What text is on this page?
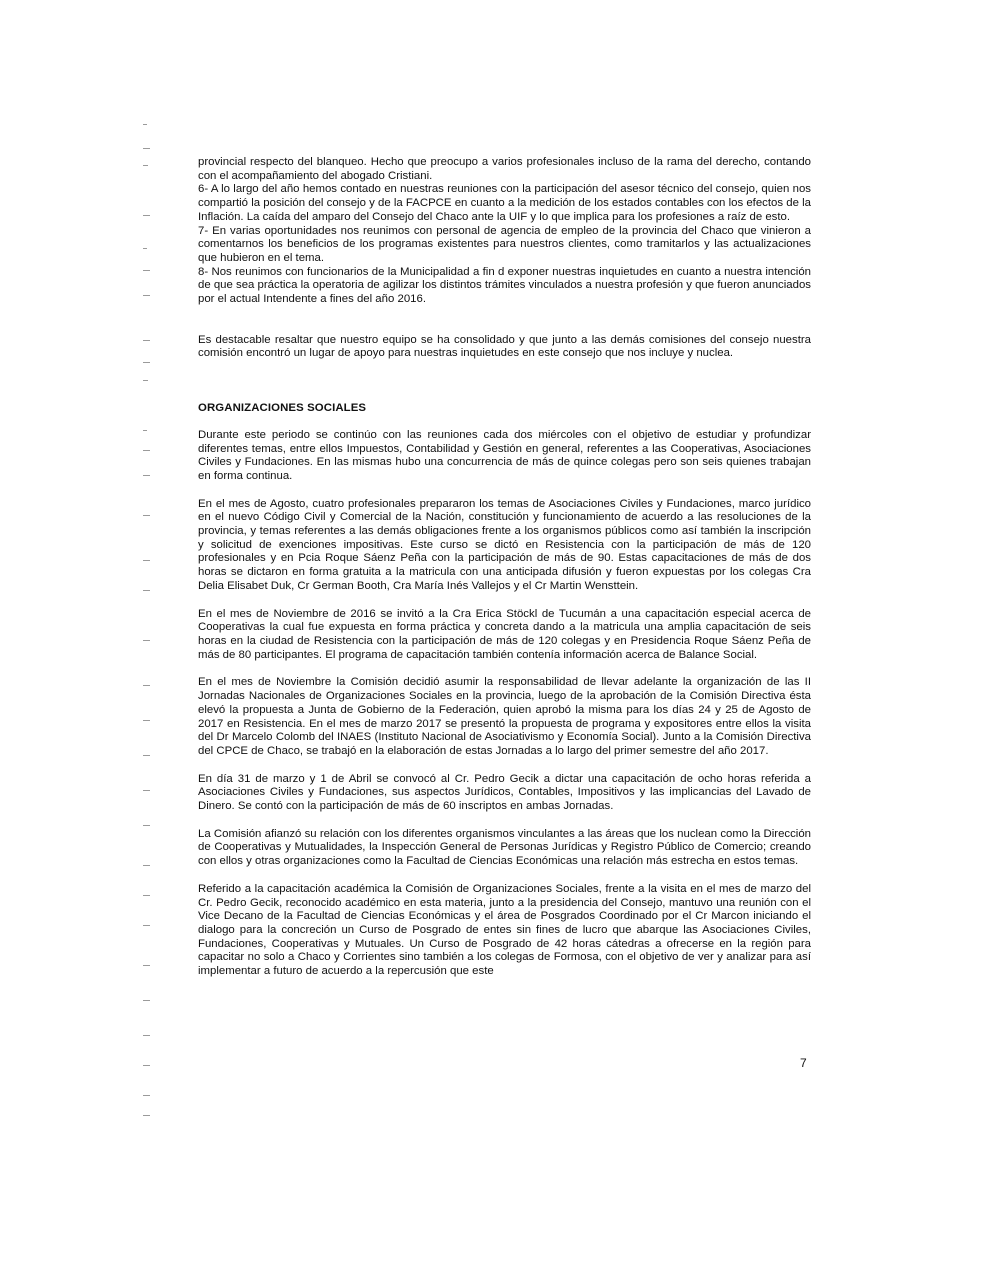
provincial respecto del blanqueo. Hecho que preocupo a varios profesionales incluso de la rama del derecho, contando con el acompañamiento del abogado Cristiani.

6- A lo largo del año hemos contado en nuestras reuniones con la participación del asesor técnico del consejo, quien nos compartió la posición del consejo y de la FACPCE en cuanto a la medición de los estados contables con los efectos de la Inflación. La caída del amparo del Consejo del Chaco ante la UIF y lo que implica para los profesiones a raíz de esto.

7- En varias oportunidades nos reunimos con personal de agencia de empleo de la provincia del Chaco que vinieron a comentarnos los beneficios de los programas existentes para nuestros clientes, como tramitarlos y las actualizaciones que hubieron en el tema.

8- Nos reunimos con funcionarios de la Municipalidad a fin d exponer nuestras inquietudes en cuanto a nuestra intención de que sea práctica la operatoria de agilizar los distintos trámites vinculados a nuestra profesión y que fueron anunciados por el actual Intendente a fines del año 2016.

Es destacable resaltar que nuestro equipo se ha consolidado y que junto a las demás comisiones del consejo nuestra comisión encontró un lugar de apoyo para nuestras inquietudes en este consejo que nos incluye y nuclea.

ORGANIZACIONES SOCIALES

Durante este periodo se continúo con las reuniones cada dos miércoles con el objetivo de estudiar y profundizar diferentes temas, entre ellos Impuestos, Contabilidad y Gestión en general, referentes a las Cooperativas, Asociaciones Civiles y Fundaciones. En las mismas hubo una concurrencia de más de quince colegas pero son seis quienes trabajan en forma continua.

En el mes de Agosto, cuatro profesionales prepararon los temas de Asociaciones Civiles y Fundaciones, marco jurídico en el nuevo Código Civil y Comercial de la Nación, constitución y funcionamiento de acuerdo a las resoluciones de la provincia, y temas referentes a las demás obligaciones frente a los organismos públicos como así también la inscripción y solicitud de exenciones impositivas. Este curso se dictó en Resistencia con la participación de más de 120 profesionales y en Pcia Roque Sáenz Peña con la participación de más de 90. Estas capacitaciones de más de dos horas se dictaron en forma gratuita a la matricula con una anticipada difusión y fueron expuestas por los colegas Cra Delia Elisabet Duk, Cr German Booth, Cra María Inés Vallejos y el Cr Martin Wensttein.

En el mes de Noviembre de 2016 se invitó a la Cra Erica Stöckl de Tucumán a una capacitación especial acerca de Cooperativas la cual fue expuesta en forma práctica y concreta dando a la matricula una amplia capacitación de seis horas en la ciudad de Resistencia con la participación de más de 120 colegas y en Presidencia Roque Sáenz Peña de más de 80 participantes. El programa de capacitación también contenía información acerca de Balance Social.

En el mes de Noviembre la Comisión decidió asumir la responsabilidad de llevar adelante la organización de las II Jornadas Nacionales de Organizaciones Sociales en la provincia, luego de la aprobación de la Comisión Directiva ésta elevó la propuesta a Junta de Gobierno de la Federación, quien aprobó la misma para los días 24 y 25 de Agosto de 2017 en Resistencia. En el mes de marzo 2017 se presentó la propuesta de programa y expositores entre ellos la visita del Dr Marcelo Colomb del INAES (Instituto Nacional de Asociativismo y Economía Social). Junto a la Comisión Directiva del CPCE de Chaco, se trabajó en la elaboración de estas Jornadas a lo largo del primer semestre del año 2017.

En día 31 de marzo y 1 de Abril se convocó al Cr. Pedro Gecik a dictar una capacitación de ocho horas referida a Asociaciones Civiles y Fundaciones, sus aspectos Jurídicos, Contables, Impositivos y las implicancias del Lavado de Dinero. Se contó con la participación de más de 60 inscriptos en ambas Jornadas.

La Comisión afianzó su relación con los diferentes organismos vinculantes a las áreas que los nuclean como la Dirección de Cooperativas y Mutualidades, la Inspección General de Personas Jurídicas y Registro Público de Comercio; creando con ellos y otras organizaciones como la Facultad de Ciencias Económicas una relación más estrecha en estos temas.

Referido a la capacitación académica la Comisión de Organizaciones Sociales, frente a la visita en el mes de marzo del Cr. Pedro Gecik, reconocido académico en esta materia, junto a la presidencia del Consejo, mantuvo una reunión con el Vice Decano de la Facultad de Ciencias Económicas y el área de Posgrados Coordinado por el Cr Marcon iniciando el dialogo para la concreción un Curso de Posgrado de entes sin fines de lucro que abarque las Asociaciones Civiles, Fundaciones, Cooperativas y Mutuales. Un Curso de Posgrado de 42 horas cátedras a ofrecerse en la región para capacitar no solo a Chaco y Corrientes sino también a los colegas de Formosa, con el objetivo de ver y analizar para así implementar a futuro de acuerdo a la repercusión que este

7
